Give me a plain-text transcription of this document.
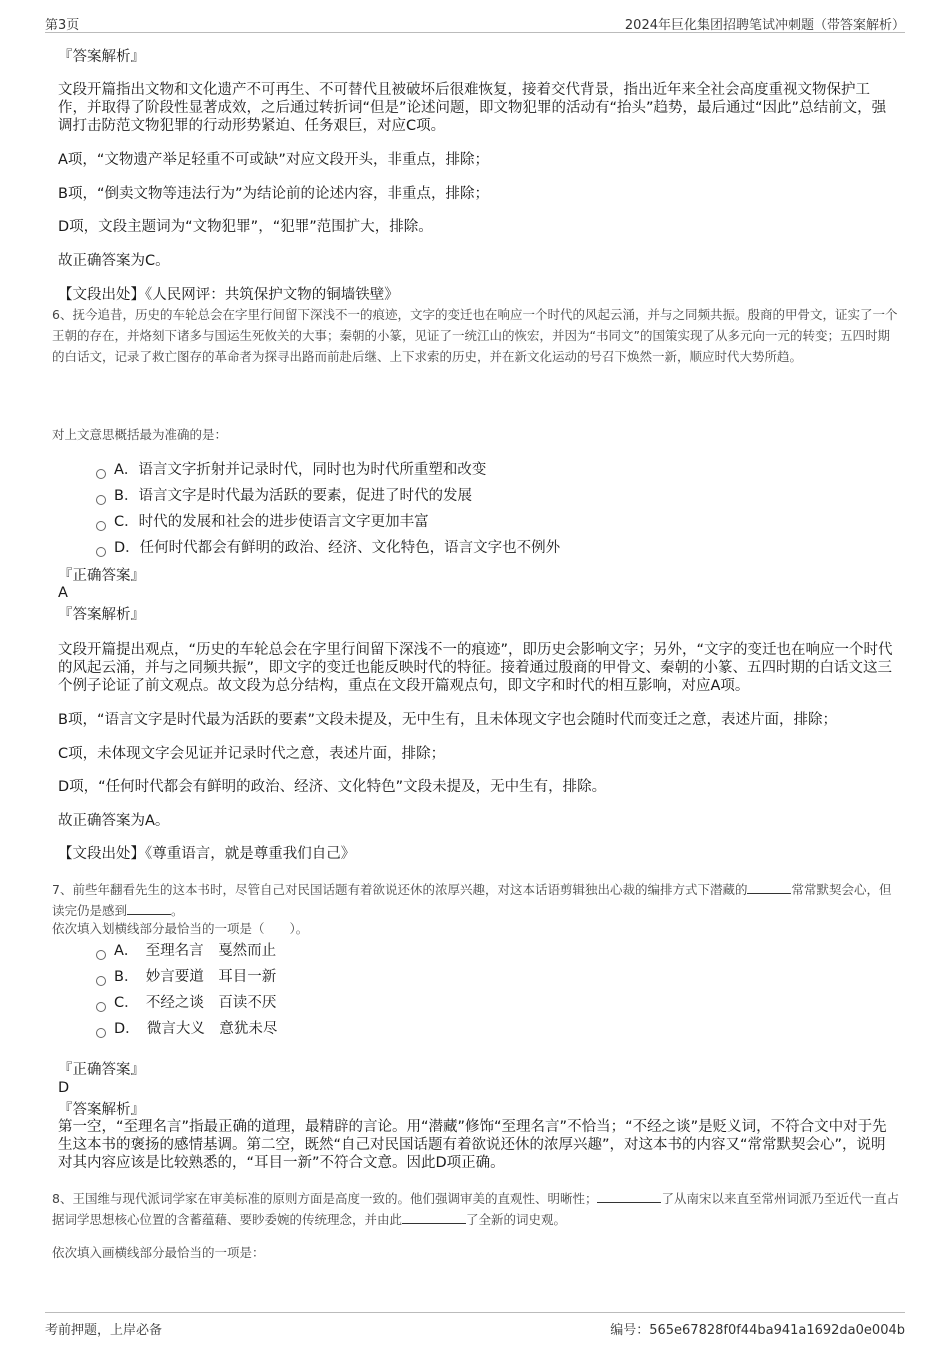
第3页	2024年巨化集团招聘笔试冲刺题（带答案解析）
『答案解析』

文段开篇指出文物和文化遗产不可再生、不可替代且被破坏后很难恢复，接着交代背景，指出近年来全社会高度重视文物保护工作，并取得了阶段性显著成效，之后通过转折词“但是”论述问题，即文物犯罪的活动有“抬头”趋势，最后通过“因此”总结前文，强调打击防范文物犯罪的行动形势紧迫、任务艰巨，对应C项。

A项，“文物遗产举足轻重不可或缺”对应文段开头，非重点，排除；
B项，“倒卖文物等违法行为”为结论前的论述内容，非重点，排除；
D项，文段主题词为“文物犯罪”，“犯罪”范围扩大，排除。
故正确答案为C。
【文段出处】《人民网评：共筑保护文物的铜墙铁壁》

6、抚今追昔，历史的车轮总会在字里行间留下深浅不一的痕迹，文字的变迁也在响应一个时代的风起云涌，并与之同频共振。殷商的甲骨文，证实了一个王朝的存在，并烙刻下诸多与国运生死攸关的大事；秦朝的小篆，见证了一统江山的恢宏，并因为“书同文”的国策实现了从多元向一元的转变；五四时期的白话文，记录了救亡图存的革命者为探寻出路而前赴后继、上下求索的历史，并在新文化运动的号召下焕然一新，顺应时代大势所趋。

对上文意思概括最为准确的是：
A．语言文字折射并记录时代，同时也为时代所重塑和改变
B．语言文字是时代最为活跃的要素，促进了时代的发展
C．时代的发展和社会的进步使语言文字更加丰富
D．任何时代都会有鲜明的政治、经济、文化特色，语言文字也不例外
『正确答案』
A
『答案解析』

文段开篇提出观点，“历史的车轮总会在字里行间留下深浅不一的痕迹”，即历史会影响文字；另外，“文字的变迁也在响应一个时代的风起云涌，并与之同频共振”，即文字的变迁也能反映时代的特征。接着通过殷商的甲骨文、秦朝的小篆、五四时期的白话文这三个例子论证了前文观点。故文段为总分结构，重点在文段开篇观点句，即文字和时代的相互影响，对应A项。

B项，“语言文字是时代最为活跃的要素”文段未提及，无中生有，且未体现文字也会随时代而变迁之意，表述片面，排除；
C项，未体现文字会见证并记录时代之意，表述片面，排除；
D项，“任何时代都会有鲜明的政治、经济、文化特色”文段未提及，无中生有，排除。
故正确答案为A。
【文段出处】《尊重语言，就是尊重我们自己》

7、前些年翻看先生的这本书时，尽管自己对民国话题有着欲说还休的浓厚兴趣，对这本话语剪辑独出心裁的编排方式下潜藏的	常常默契会心，但读完仍是感到	。

依次填入划横线部分最恰当的一项是（　　）。
A．　至理名言　戛然而止
B．　妙言要道　耳目一新
C．　不经之谈　百读不厌
D．　微言大义　意犹未尽
『正确答案』
D
『答案解析』

第一空，“至理名言”指最正确的道理，最精辟的言论。用“潜藏”修饰“至理名言”不恰当；“不经之谈”是贬义词，不符合文中对于先生这本书的褒扬的感情基调。第二空，既然“自己对民国话题有着欲说还休的浓厚兴趣”，对这本书的内容又“常常默契会心”，说明对其内容应该是比较熟悉的，“耳目一新”不符合文意。因此D项正确。

8、王国维与现代派词学家在审美标准的原则方面是高度一致的。他们强调审美的直观性、明晰性；	了从南宋以来直至常州词派乃至近代一直占据词学思想核心位置的含蓄蕴藉、要眇委婉的传统理念，并由此	了全新的词史观。

依次填入画横线部分最恰当的一项是：
考前押题，上岸必备	编号：565e67828f0f44ba941a1692da0e004b
